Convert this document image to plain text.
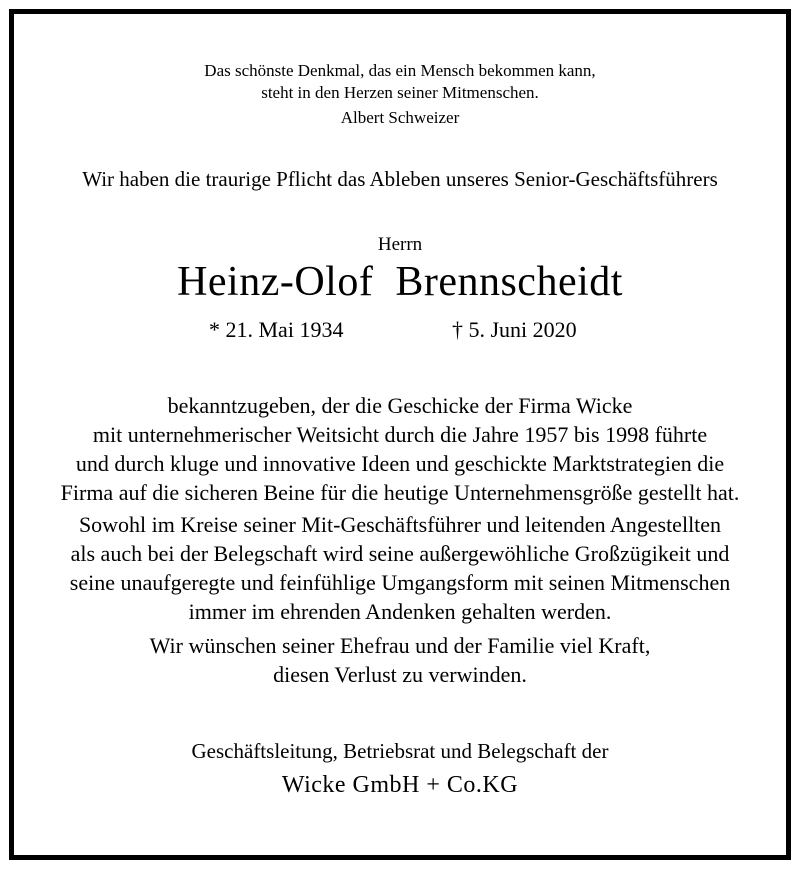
Das schönste Denkmal, das ein Mensch bekommen kann,
steht in den Herzen seiner Mitmenschen.
Albert Schweizer
Wir haben die traurige Pflicht das Ableben unseres Senior-Geschäftsführers
Herrn
Heinz-Olof  Brennscheidt
* 21. Mai 1934	† 5. Juni 2020
bekanntzugeben, der die Geschicke der Firma Wicke
mit unternehmerischer Weitsicht durch die Jahre 1957 bis 1998 führte
und durch kluge und innovative Ideen und geschickte Marktstrategien die
Firma auf die sicheren Beine für die heutige Unternehmensgröße gestellt hat.
Sowohl im Kreise seiner Mit-Geschäftsführer und leitenden Angestellten
als auch bei der Belegschaft wird seine außergewöhliche Großzügikeit und
seine unaufgeregte und feinfühlige Umgangsform mit seinen Mitmenschen
immer im ehrenden Andenken gehalten werden.
Wir wünschen seiner Ehefrau und der Familie viel Kraft,
diesen Verlust zu verwinden.
Geschäftsleitung, Betriebsrat und Belegschaft der
Wicke GmbH + Co.KG
